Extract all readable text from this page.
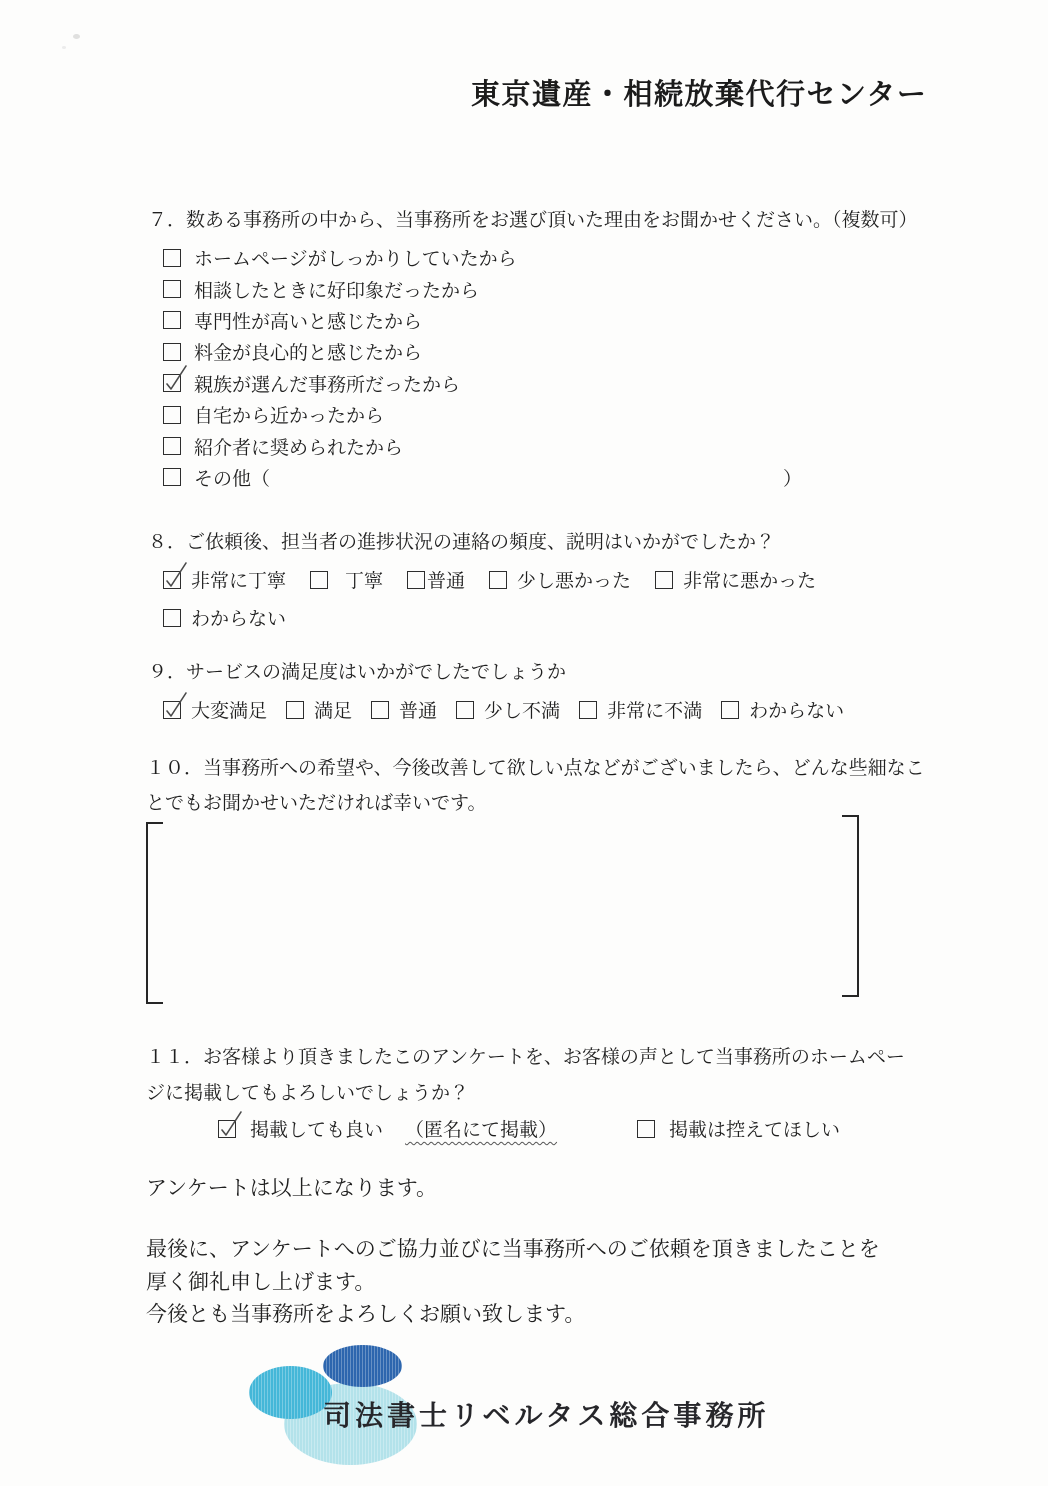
東京遺産・相続放棄代行センター
７．数ある事務所の中から、当事務所をお選び頂いた理由をお聞かせください。（複数可）
ホームページがしっかりしていたから
相談したときに好印象だったから
専門性が高いと感じたから
料金が良心的と感じたから
親族が選んだ事務所だったから
自宅から近かったから
紹介者に奨められたから
その他（	）
８．ご依頼後、担当者の進捗状況の連絡の頻度、説明はいかがでしたか？
非常に丁寧	丁寧 普通	少し悪かった	非常に悪かった
わからない
９．サービスの満足度はいかがでしたでしょうか
大変満足 満足 普通 少し不満 非常に不満 わからない
１０．当事務所への希望や、今後改善して欲しい点などがございましたら、どんな些細なこ
とでもお聞かせいただければ幸いです。
１１．お客様より頂きましたこのアンケートを、お客様の声として当事務所のホームペー
ジに掲載してもよろしいでしょうか？
掲載しても良い （匿名にて掲載）	掲載は控えてほしい
アンケートは以上になります。
最後に、アンケートへのご協力並びに当事務所へのご依頼を頂きましたことを
厚く御礼申し上げます。
今後とも当事務所をよろしくお願い致します。
司法書士リベルタス総合事務所
